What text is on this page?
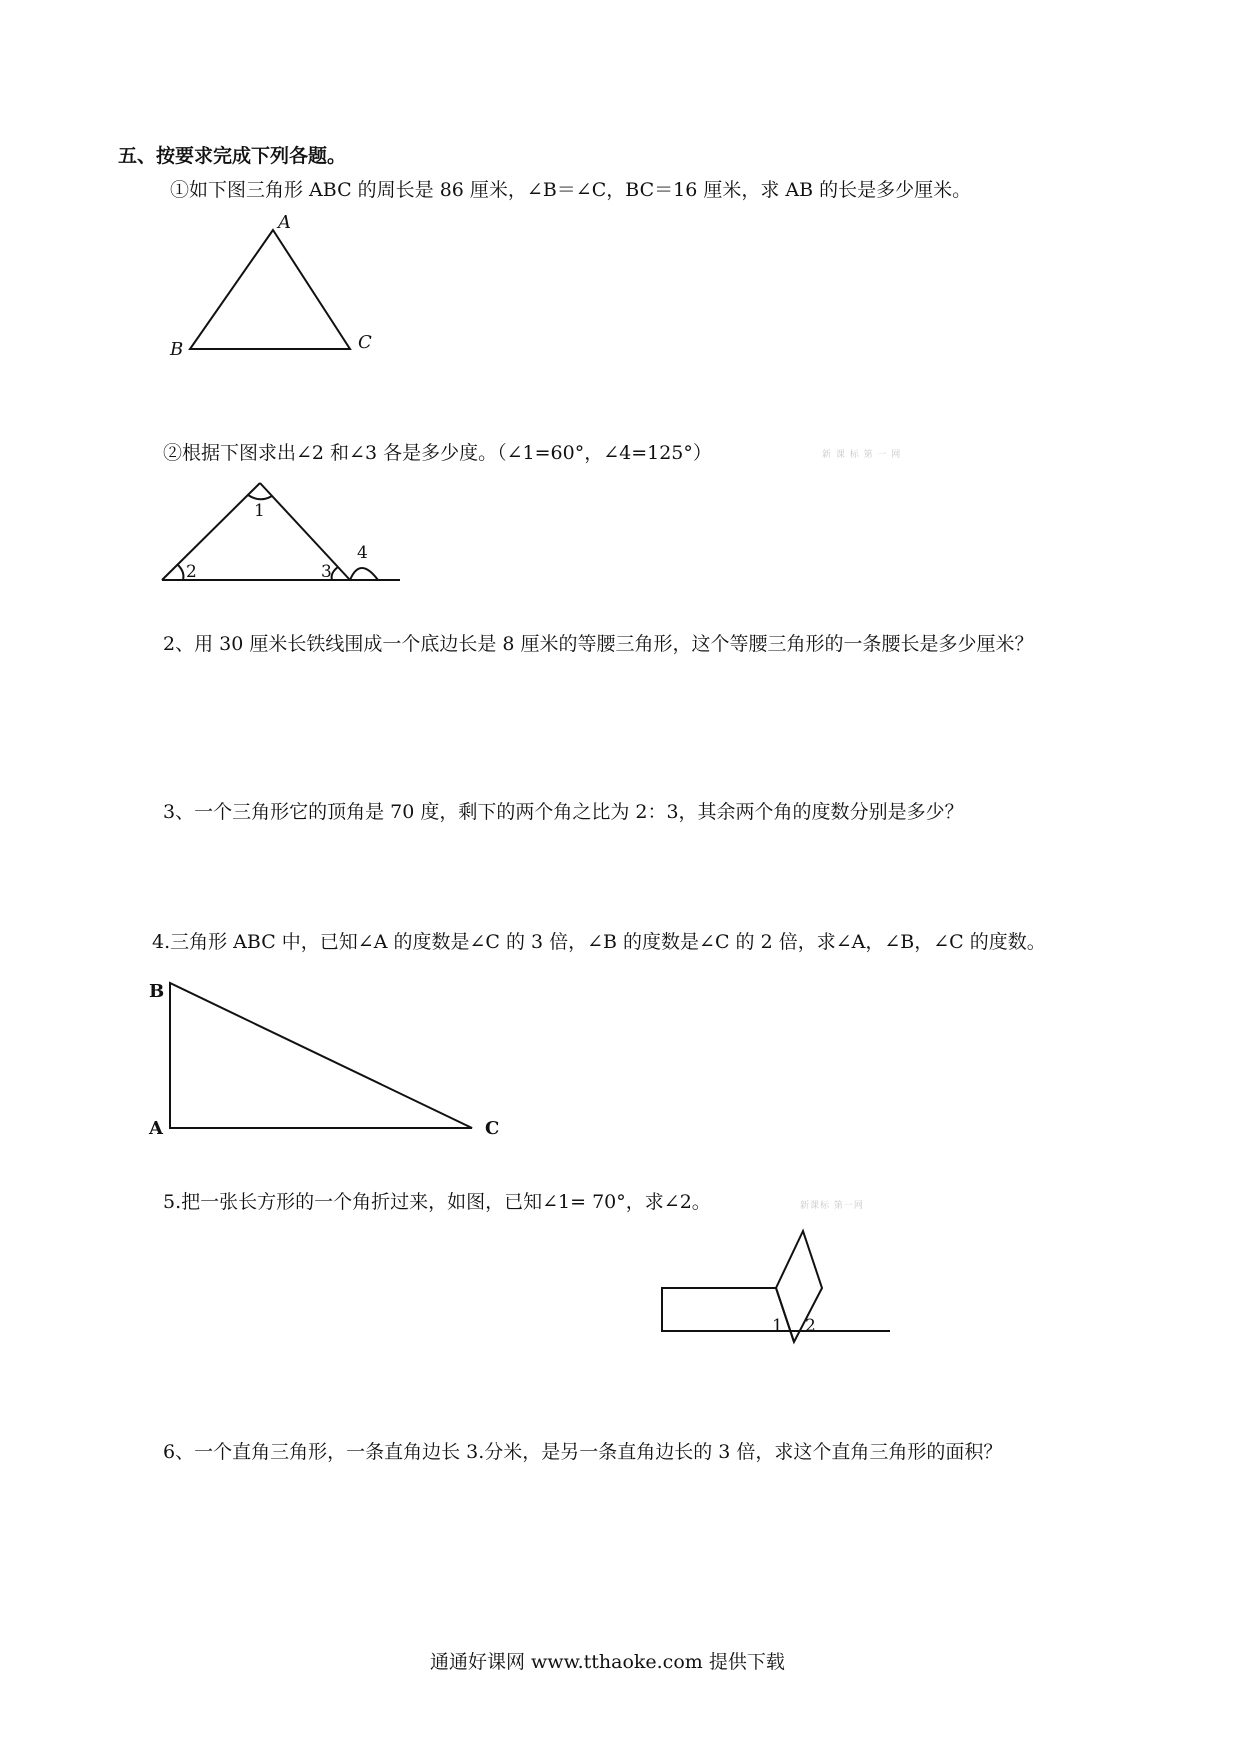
五、按要求完成下列各题。
①如下图三角形 ABC 的周长是 86 厘米，∠B＝∠C，BC＝16 厘米，求 AB 的长是多少厘米。
A
B	C
②根据下图求出∠2 和∠3 各是多少度。（∠1=60°，∠4=125°）	新 课 标 第 一 网
1
2	3
4
2、用 30 厘米长铁线围成一个底边长是 8 厘米的等腰三角形，这个等腰三角形的一条腰长是多少厘米？
3、一个三角形它的顶角是 70 度，剩下的两个角之比为 2：3，其余两个角的度数分别是多少？
4.三角形 ABC 中，已知∠A 的度数是∠C 的 3 倍，∠B 的度数是∠C 的 2 倍，求∠A，∠B，∠C 的度数。
B
A	C
5.把一张长方形的一个角折过来，如图，已知∠1= 70°，求∠2。	新课标 第一网
1 2
6、一个直角三角形，一条直角边长 3.分米，是另一条直角边长的 3 倍，求这个直角三角形的面积？
通通好课网 www.tthaoke.com 提供下载
